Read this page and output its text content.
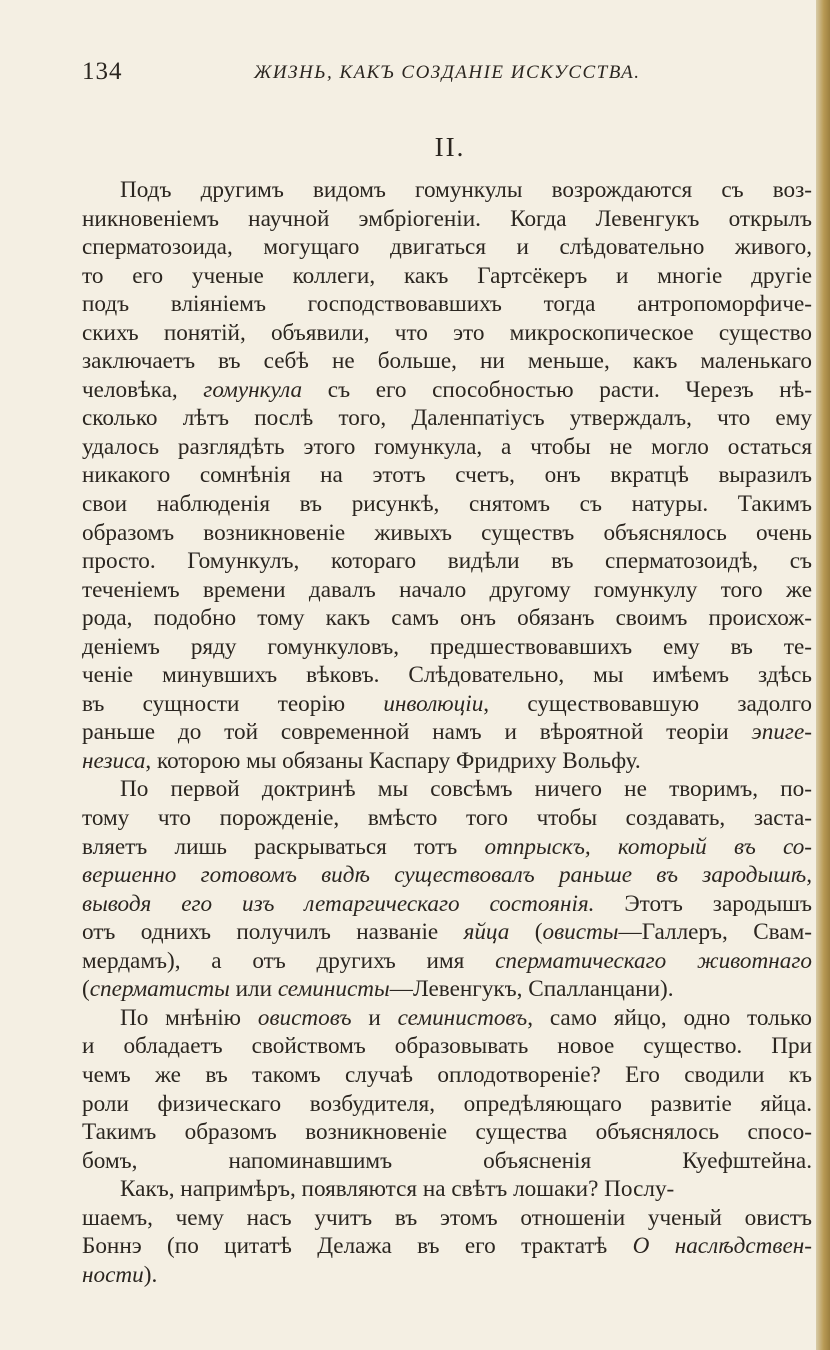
134	ЖИЗНЬ, КАКЪ СОЗДАНІЕ ИСКУССТВА.
II.
Подъ другимъ видомъ гомункулы возрождаются съ воз-
никновеніемъ научной эмбріогеніи. Когда Левенгукъ открылъ
сперматозоида, могущаго двигаться и слѣдовательно живого,
то его ученые коллеги, какъ Гартсёкеръ и многіе другіе
подъ вліяніемъ господствовавшихъ тогда антропоморфиче-
скихъ понятій, объявили, что это микроскопическое существо
заключаетъ въ себѣ не больше, ни меньше, какъ маленькаго
человѣка, гомункула съ его способностью расти. Черезъ нѣ-
сколько лѣтъ послѣ того, Даленпатіусъ утверждалъ, что ему
удалось разглядѣть этого гомункула, а чтобы не могло остаться
никакого сомнѣнія на этотъ счетъ, онъ вкратцѣ выразилъ
свои наблюденія въ рисункѣ, снятомъ съ натуры. Такимъ
образомъ возникновеніе живыхъ существъ объяснялось очень
просто. Гомункулъ, котораго видѣли въ сперматозоидѣ, съ
теченіемъ времени давалъ начало другому гомункулу того же
рода, подобно тому какъ самъ онъ обязанъ своимъ происхож-
деніемъ ряду гомункуловъ, предшествовавшихъ ему въ те-
ченіе минувшихъ вѣковъ. Слѣдовательно, мы имѣемъ здѣсь
въ сущности теорію инволюціи, существовавшую задолго
раньше до той современной намъ и вѣроятной теоріи эпиге-
незиса, которою мы обязаны Каспару Фридриху Вольфу.
По первой доктринѣ мы совсѣмъ ничего не творимъ, по-
тому что порожденіе, вмѣсто того чтобы создавать, заста-
вляетъ лишь раскрываться тотъ отпрыскъ, который въ со-
вершенно готовомъ видѣ существовалъ раньше въ зародышѣ,
выводя его изъ летаргическаго состоянія. Этотъ зародышъ
отъ однихъ получилъ названіе яйца (овисты—Галлеръ, Свам-
мердамъ), а отъ другихъ имя сперматическаго животнаго
(сперматисты или семинисты—Левенгукъ, Спалланцани).
По мнѣнію овистовъ и семинистовъ, само яйцо, одно только
и обладаетъ свойствомъ образовывать новое существо. При
чемъ же въ такомъ случаѣ оплодотвореніе? Его сводили къ
роли физическаго возбудителя, опредѣляющаго развитіе яйца.
Такимъ образомъ возникновеніе существа объяснялось спосо-
бомъ, напоминавшимъ объясненія Куефштейна.
Какъ, напримѣръ, появляются на свѣтъ лошаки? Послу-
шаемъ, чему насъ учитъ въ этомъ отношеніи ученый овистъ
Боннэ (по цитатѣ Делажа въ его трактатѣ О наслѣдствен-
ности).
